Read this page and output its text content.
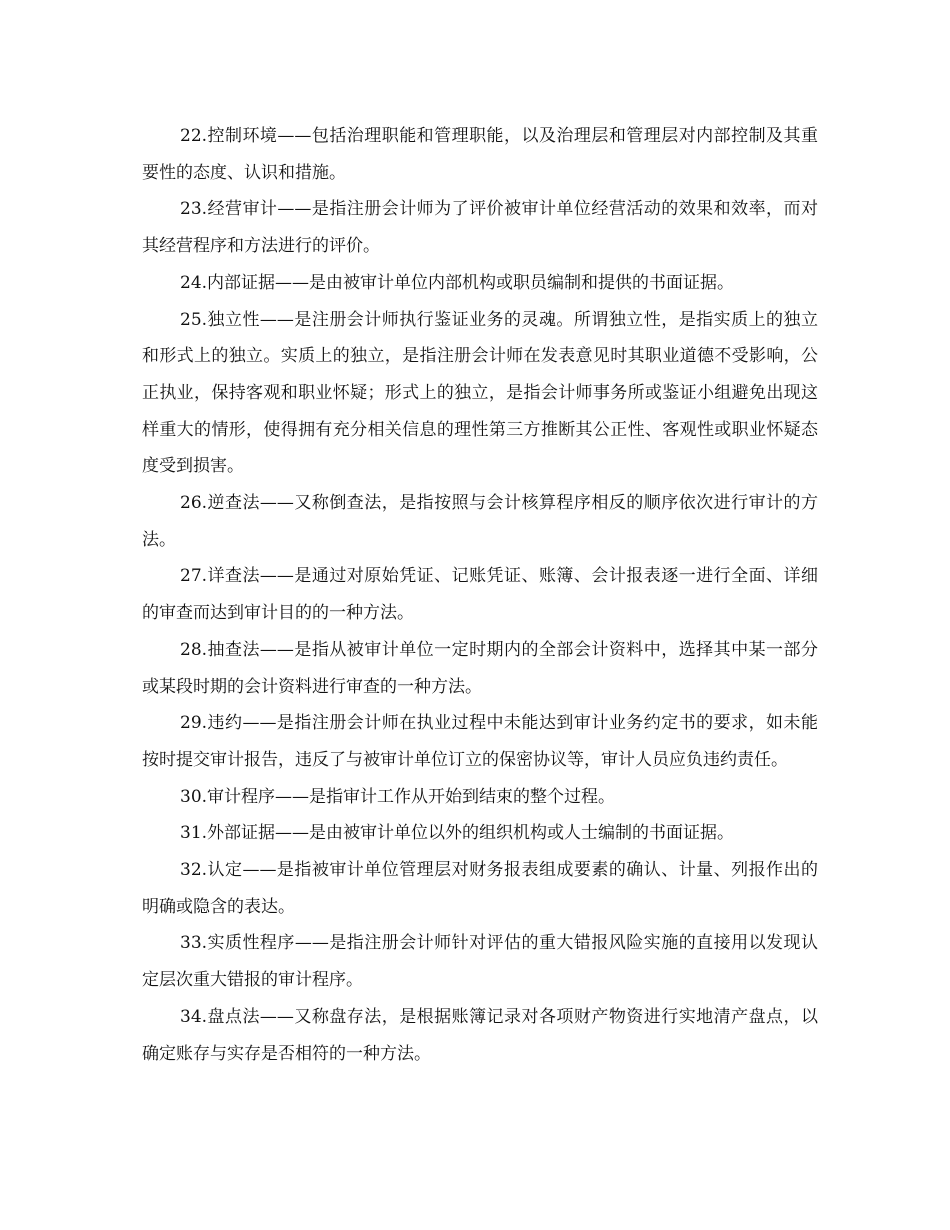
22.控制环境——包括治理职能和管理职能，以及治理层和管理层对内部控制及其重要性的态度、认识和措施。

23.经营审计——是指注册会计师为了评价被审计单位经营活动的效果和效率，而对其经营程序和方法进行的评价。

24.内部证据——是由被审计单位内部机构或职员编制和提供的书面证据。

25.独立性——是注册会计师执行鉴证业务的灵魂。所谓独立性，是指实质上的独立和形式上的独立。实质上的独立，是指注册会计师在发表意见时其职业道德不受影响，公正执业，保持客观和职业怀疑；形式上的独立，是指会计师事务所或鉴证小组避免出现这样重大的情形，使得拥有充分相关信息的理性第三方推断其公正性、客观性或职业怀疑态度受到损害。

26.逆查法——又称倒查法，是指按照与会计核算程序相反的顺序依次进行审计的方法。

27.详查法——是通过对原始凭证、记账凭证、账簿、会计报表逐一进行全面、详细的审查而达到审计目的的一种方法。

28.抽查法——是指从被审计单位一定时期内的全部会计资料中，选择其中某一部分或某段时期的会计资料进行审查的一种方法。

29.违约——是指注册会计师在执业过程中未能达到审计业务约定书的要求，如未能按时提交审计报告，违反了与被审计单位订立的保密协议等，审计人员应负违约责任。

30.审计程序——是指审计工作从开始到结束的整个过程。

31.外部证据——是由被审计单位以外的组织机构或人士编制的书面证据。

32.认定——是指被审计单位管理层对财务报表组成要素的确认、计量、列报作出的明确或隐含的表达。

33.实质性程序——是指注册会计师针对评估的重大错报风险实施的直接用以发现认定层次重大错报的审计程序。

34.盘点法——又称盘存法，是根据账簿记录对各项财产物资进行实地清产盘点，以确定账存与实存是否相符的一种方法。
